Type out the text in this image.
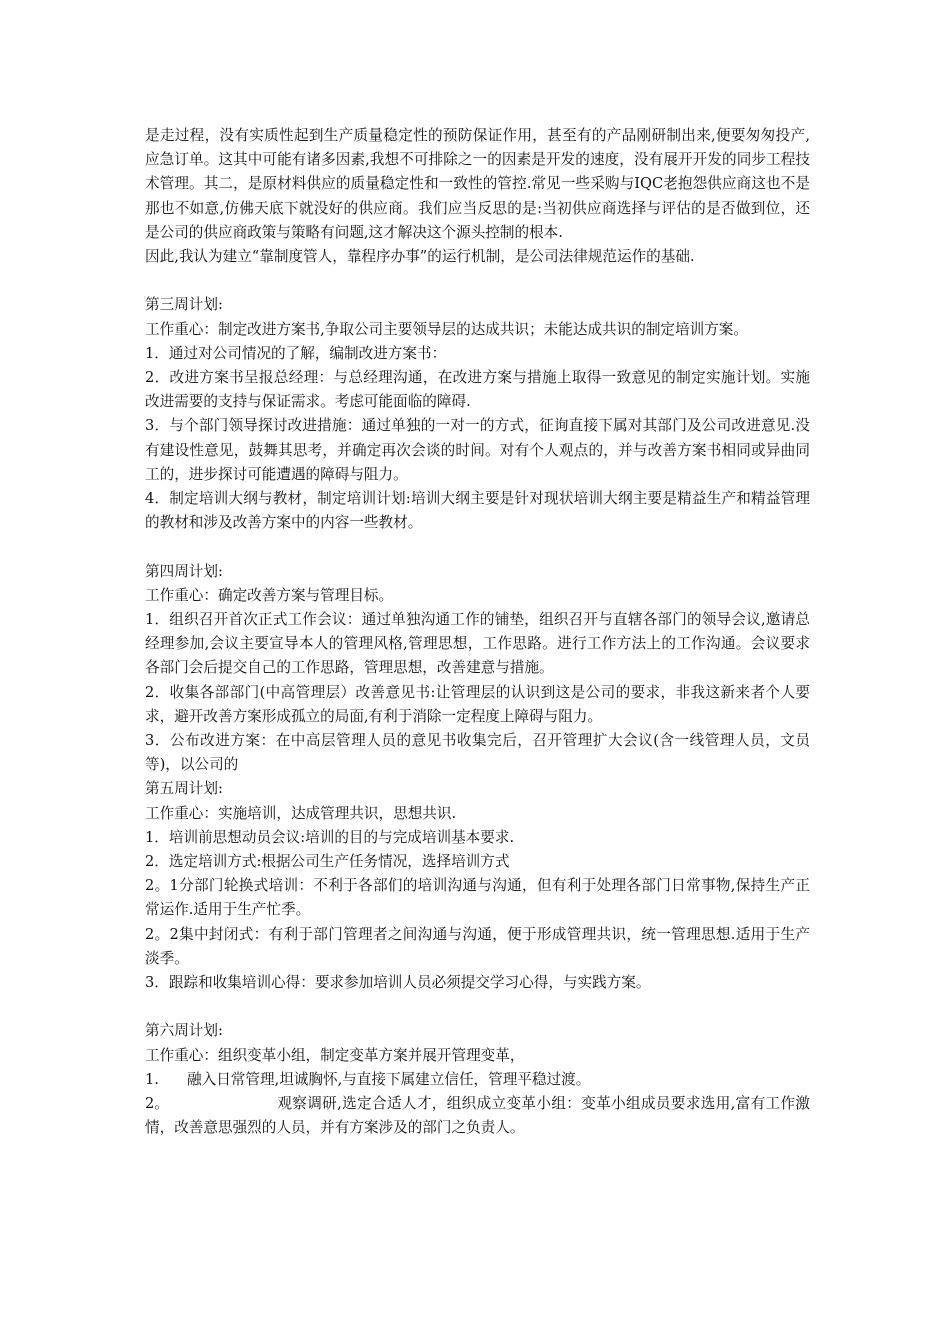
是走过程，没有实质性起到生产质量稳定性的预防保证作用，甚至有的产品刚研制出来,便要匆匆投产,应急订单。这其中可能有诸多因素,我想不可排除之一的因素是开发的速度，没有展开开发的同步工程技术管理。其二，是原材料供应的质量稳定性和一致性的管控.常见一些采购与IQC老抱怨供应商这也不是那也不如意,仿佛天底下就没好的供应商。我们应当反思的是:当初供应商选择与评估的是否做到位，还是公司的供应商政策与策略有问题,这才解决这个源头控制的根本.

因此,我认为建立“靠制度管人，靠程序办事”的运行机制，是公司法律规范运作的基础.

第三周计划:

工作重心：制定改进方案书,争取公司主要领导层的达成共识；未能达成共识的制定培训方案。

1．通过对公司情况的了解，编制改进方案书：

2．改进方案书呈报总经理：与总经理沟通，在改进方案与措施上取得一致意见的制定实施计划。实施改进需要的支持与保证需求。考虑可能面临的障碍.

3．与个部门领导探讨改进措施：通过单独的一对一的方式，征询直接下属对其部门及公司改进意见.没有建设性意见，鼓舞其思考，并确定再次会谈的时间。对有个人观点的，并与改善方案书相同或异曲同工的，进步探讨可能遭遇的障碍与阻力。

4．制定培训大纲与教材，制定培训计划:培训大纲主要是针对现状培训大纲主要是精益生产和精益管理的教材和涉及改善方案中的内容一些教材。

第四周计划:

工作重心：确定改善方案与管理目标。

1．组织召开首次正式工作会议：通过单独沟通工作的铺垫，组织召开与直辖各部门的领导会议,邀请总经理参加,会议主要宣导本人的管理风格,管理思想，工作思路。进行工作方法上的工作沟通。会议要求各部门会后提交自己的工作思路，管理思想，改善建意与措施。

2．收集各部部门(中高管理层）改善意见书:让管理层的认识到这是公司的要求，非我这新来者个人要求，避开改善方案形成孤立的局面,有利于消除一定程度上障碍与阻力。

3．公布改进方案：在中高层管理人员的意见书收集完后，召开管理扩大会议(含一线管理人员，文员等)，以公司的

第五周计划:

工作重心：实施培训，达成管理共识，思想共识.

1．培训前思想动员会议:培训的目的与完成培训基本要求.

2．选定培训方式:根据公司生产任务情况，选择培训方式

2。1分部门轮换式培训：不利于各部们的培训沟通与沟通，但有利于处理各部门日常事物,保持生产正常运作.适用于生产忙季。

2。2集中封闭式：有利于部门管理者之间沟通与沟通，便于形成管理共识，统一管理思想.适用于生产淡季。

3．跟踪和收集培训心得：要求参加培训人员必须提交学习心得，与实践方案。

第六周计划:

工作重心：组织变革小组，制定变革方案并展开管理变革，

1. 融入日常管理,坦诚胸怀,与直接下属建立信任，管理平稳过渡。

2。	观察调研,选定合适人才，组织成立变革小组：变革小组成员要求选用,富有工作激情，改善意思强烈的人员，并有方案涉及的部门之负责人。
